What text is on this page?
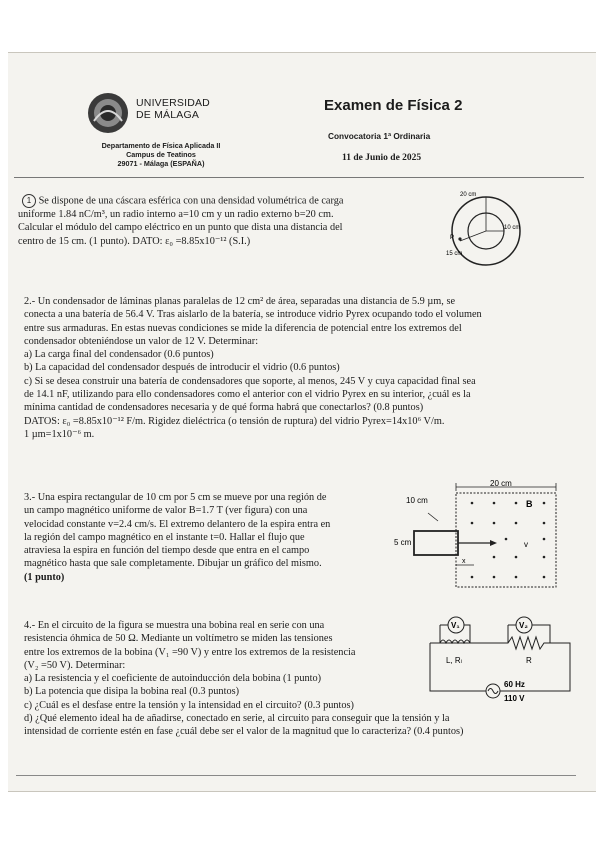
UNIVERSIDAD
DE MÁLAGA
Examen de Física 2
Departamento de Física Aplicada II
Campus de Teatinos
29071 - Málaga (ESPAÑA)
Convocatoria 1ª Ordinaria
11 de Junio de 2025
1 Se dispone de una cáscara esférica con una densidad volumétrica de carga
uniforme 1.84 nC/m³, un radio interno a=10 cm y un radio externo b=20 cm.
Calcular el módulo del campo eléctrico en un punto que dista una distancia del
centro de 15 cm. (1 punto). DATO: ε₀ =8.85x10⁻¹² (S.I.)
20 cm
10 cm
P
15 cm
2.- Un condensador de láminas planas paralelas de 12 cm² de área, separadas una distancia de 5.9 µm, se
conecta a una batería de 56.4 V. Tras aislarlo de la batería, se introduce vidrio Pyrex ocupando todo el volumen
entre sus armaduras. En estas nuevas condiciones se mide la diferencia de potencial entre los extremos del
condensador obteniéndose un valor de 12 V. Determinar:
a) La carga final del condensador (0.6 puntos)
b) La capacidad del condensador después de introducir el vidrio (0.6 puntos)
c) Si se desea construir una batería de condensadores que soporte, al menos, 245 V y cuya capacidad final sea
de 14.1 nF, utilizando para ello condensadores como el anterior con el vidrio Pyrex en su interior, ¿cuál es la
mínima cantidad de condensadores necesaria y de qué forma habrá que conectarlos? (0.8 puntos)
DATOS: ε₀ =8.85x10⁻¹² F/m. Rigidez dieléctrica (o tensión de ruptura) del vidrio Pyrex=14x10⁶ V/m.
1 µm=1x10⁻⁶ m.
3.- Una espira rectangular de 10 cm por 5 cm se mueve por una región de
un campo magnético uniforme de valor B=1.7 T (ver figura) con una
velocidad constante v=2.4 cm/s. El extremo delantero de la espira entra en
la región del campo magnético en el instante t=0. Hallar el flujo que
atraviesa la espira en función del tiempo desde que entra en el campo
magnético hasta que sale completamente. Dibujar un gráfico del mismo.
(1 punto)
20 cm
10 cm	B
5 cm	v
x
4.- En el circuito de la figura se muestra una bobina real en serie con una
resistencia óhmica de 50 Ω. Mediante un voltímetro se miden las tensiones
entre los extremos de la bobina (V₁ =90 V) y entre los extremos de la resistencia
(V₂ =50 V). Determinar:
a) La resistencia y el coeficiente de autoinducción dela bobina (1 punto)
b) La potencia que disipa la bobina real (0.3 puntos)
c) ¿Cuál es el desfase entre la tensión y la intensidad en el circuito? (0.3 puntos)
d) ¿Qué elemento ideal ha de añadirse, conectado en serie, al circuito para conseguir que la tensión y la
intensidad de corriente estén en fase ¿cuál debe ser el valor de la magnitud que lo caracteriza? (0.4 puntos)
V₁	V₂
L, Rₗ	R
60 Hz
110 V
